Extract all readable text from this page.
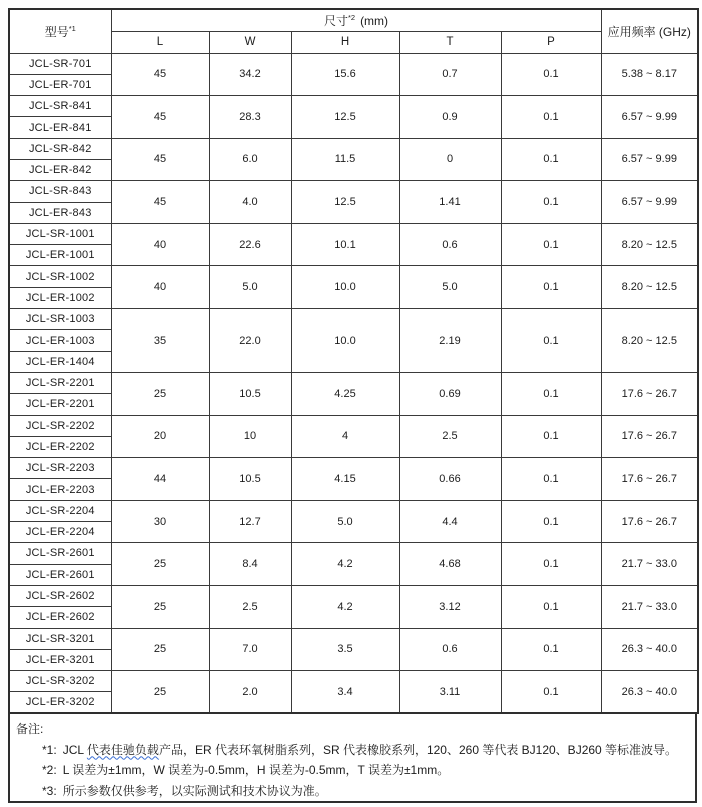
型号$^{*1}$	尺寸$^{*2}$ (mm)					应用频率 (GHz)
	L	W	H	T	P	
JCL-SR-701	45	34.2	15.6	0.7	0.1	5.38 ~ 8.17
JCL-ER-701						
JCL-SR-841	45	28.3	12.5	0.9	0.1	6.57 ~ 9.99
JCL-ER-841						
JCL-SR-842	45	6.0	11.5	0	0.1	6.57 ~ 9.99
JCL-ER-842						
JCL-SR-843	45	4.0	12.5	1.41	0.1	6.57 ~ 9.99
JCL-ER-843						
JCL-SR-1001	40	22.6	10.1	0.6	0.1	8.20 ~ 12.5
JCL-ER-1001						
JCL-SR-1002	40	5.0	10.0	5.0	0.1	8.20 ~ 12.5
JCL-ER-1002						
JCL-SR-1003	35	22.0	10.0	2.19	0.1	8.20 ~ 12.5
JCL-ER-1003						
JCL-ER-1404						
JCL-SR-2201	25	10.5	4.25	0.69	0.1	17.6 ~ 26.7
JCL-ER-2201						
JCL-SR-2202	20	10	4	2.5	0.1	17.6 ~ 26.7
JCL-ER-2202						
JCL-SR-2203	44	10.5	4.15	0.66	0.1	17.6 ~ 26.7
JCL-ER-2203						
JCL-SR-2204	30	12.7	5.0	4.4	0.1	17.6 ~ 26.7
JCL-ER-2204						
JCL-SR-2601	25	8.4	4.2	4.68	0.1	21.7 ~ 33.0
JCL-ER-2601						
JCL-SR-2602	25	2.5	4.2	3.12	0.1	21.7 ~ 33.0
JCL-ER-2602						
JCL-SR-3201	25	7.0	3.5	0.6	0.1	26.3 ~ 40.0
JCL-ER-3201						
JCL-SR-3202	25	2.0	3.4	3.11	0.1	26.3 ~ 40.0
JCL-ER-3202						
备注:
*1: JCL 代表佳驰负载产品，ER 代表环氧树脂系列，SR 代表橡胶系列，120、260 等代表 BJ120、BJ260 等标准波导。
*2: L 误差为±1mm，W 误差为-0.5mm，H 误差为-0.5mm，T 误差为±1mm。
*3: 所示参数仅供参考，以实际测试和技术协议为准。
